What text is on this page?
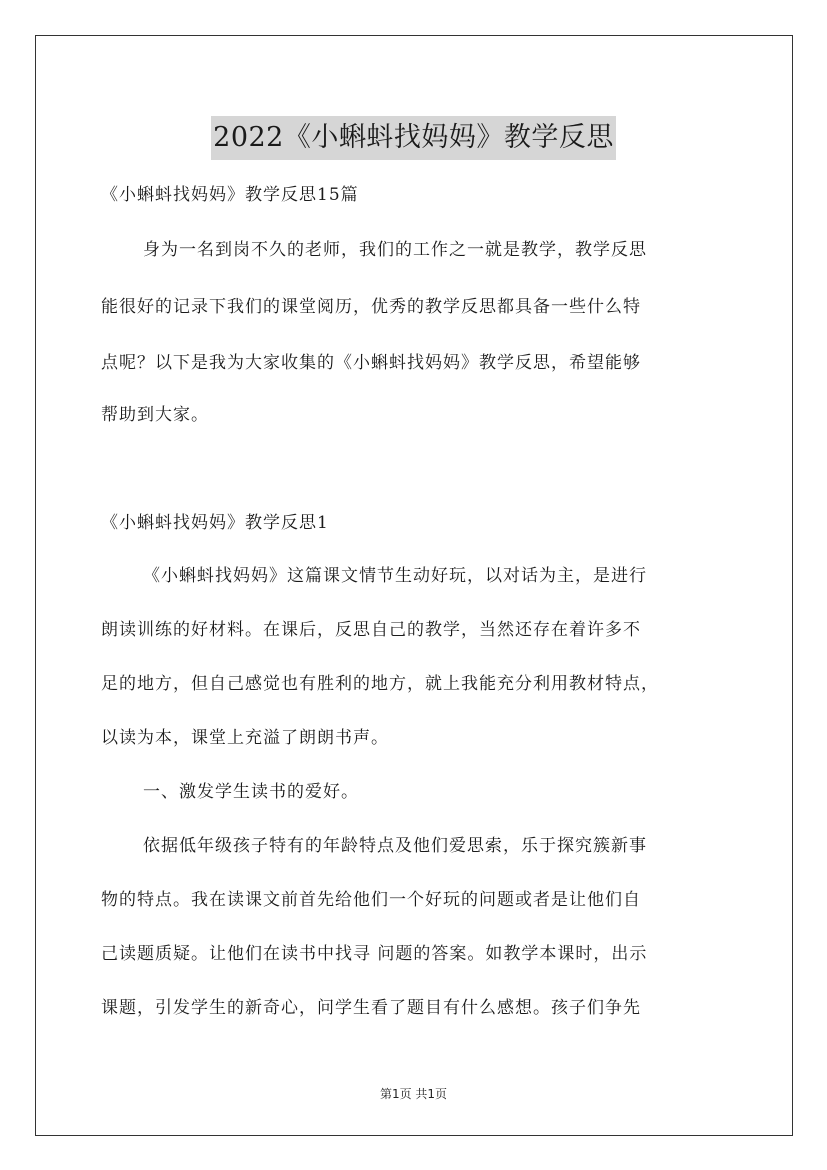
2022《小蝌蚪找妈妈》教学反思
《小蝌蚪找妈妈》教学反思15篇
身为一名到岗不久的老师，我们的工作之一就是教学，教学反思
能很好的记录下我们的课堂阅历，优秀的教学反思都具备一些什么特
点呢？以下是我为大家收集的《小蝌蚪找妈妈》教学反思，希望能够
帮助到大家。
《小蝌蚪找妈妈》教学反思1
《小蝌蚪找妈妈》这篇课文情节生动好玩，以对话为主，是进行
朗读训练的好材料。在课后，反思自己的教学，当然还存在着许多不
足的地方，但自己感觉也有胜利的地方，就上我能充分利用教材特点，
以读为本，课堂上充溢了朗朗书声。
一、激发学生读书的爱好。
依据低年级孩子特有的年龄特点及他们爱思索，乐于探究簇新事
物的特点。我在读课文前首先给他们一个好玩的问题或者是让他们自
己读题质疑。让他们在读书中找寻 问题的答案。如教学本课时，出示
课题，引发学生的新奇心，问学生看了题目有什么感想。孩子们争先
第1页 共1页
